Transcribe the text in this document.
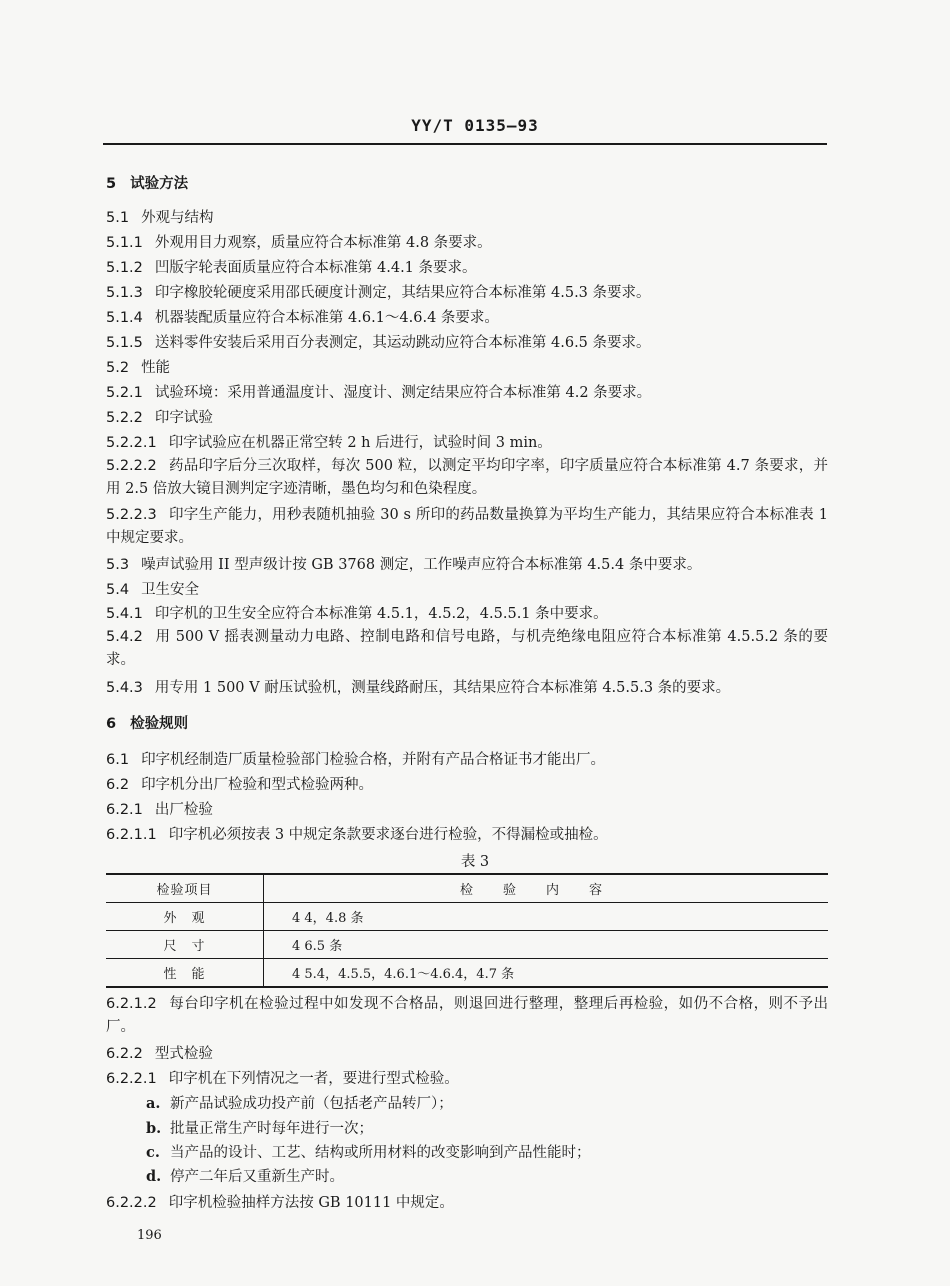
YY/T 0135—93
5 试验方法
5.1 外观与结构
5.1.1 外观用目力观察，质量应符合本标准第 4.8 条要求。
5.1.2 凹版字轮表面质量应符合本标准第 4.4.1 条要求。
5.1.3 印字橡胶轮硬度采用邵氏硬度计测定，其结果应符合本标准第 4.5.3 条要求。
5.1.4 机器装配质量应符合本标准第 4.6.1～4.6.4 条要求。
5.1.5 送料零件安装后采用百分表测定，其运动跳动应符合本标准第 4.6.5 条要求。
5.2 性能
5.2.1 试验环境：采用普通温度计、湿度计、测定结果应符合本标准第 4.2 条要求。
5.2.2 印字试验
5.2.2.1 印字试验应在机器正常空转 2 h 后进行，试验时间 3 min。
5.2.2.2 药品印字后分三次取样，每次 500 粒，以测定平均印字率，印字质量应符合本标准第 4.7 条要求，并用 2.5 倍放大镜目测判定字迹清晰，墨色均匀和色染程度。
5.2.2.3 印字生产能力，用秒表随机抽验 30 s 所印的药品数量换算为平均生产能力，其结果应符合本标准表 1 中规定要求。
5.3 噪声试验用 II 型声级计按 GB 3768 测定，工作噪声应符合本标准第 4.5.4 条中要求。
5.4 卫生安全
5.4.1 印字机的卫生安全应符合本标准第 4.5.1，4.5.2，4.5.5.1 条中要求。
5.4.2 用 500 V 摇表测量动力电路、控制电路和信号电路，与机壳绝缘电阻应符合本标准第 4.5.5.2 条的要求。
5.4.3 用专用 1 500 V 耐压试验机，测量线路耐压，其结果应符合本标准第 4.5.5.3 条的要求。
6 检验规则
6.1 印字机经制造厂质量检验部门检验合格，并附有产品合格证书才能出厂。
6.2 印字机分出厂检验和型式检验两种。
6.2.1 出厂检验
6.2.1.1 印字机必须按表 3 中规定条款要求逐台进行检验，不得漏检或抽检。
表 3
检验项目	检验内容
外　观	4 4，4.8 条
尺　寸	4 6.5 条
性　能	4 5.4，4.5.5，4.6.1～4.6.4，4.7 条
6.2.1.2 每台印字机在检验过程中如发现不合格品，则退回进行整理，整理后再检验，如仍不合格，则不予出厂。
6.2.2 型式检验
6.2.2.1 印字机在下列情况之一者，要进行型式检验。
a. 新产品试验成功投产前（包括老产品转厂）；
b. 批量正常生产时每年进行一次；
c. 当产品的设计、工艺、结构或所用材料的改变影响到产品性能时；
d. 停产二年后又重新生产时。
6.2.2.2 印字机检验抽样方法按 GB 10111 中规定。
196
